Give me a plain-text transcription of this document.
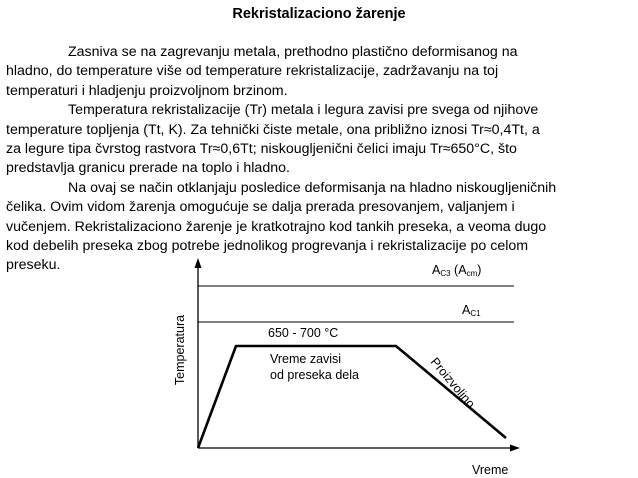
Rekristalizaciono žarenje
Zasniva se na zagrevanju metala, prethodno plastično deformisanog na
hladno, do temperature više od temperature rekristalizacije, zadržavanju na toj
temperaturi i hladjenju proizvoljnom brzinom.
Temperatura rekristalizacije (Tr) metala i legura zavisi pre svega od njihove
temperature topljenja (Tt, K). Za tehnički čiste metale, ona približno iznosi Tr≈0,4Tt, a
za legure tipa čvrstog rastvora Tr≈0,6Tt; niskougljenični čelici imaju Tr≈650°C, što
predstavlja granicu prerade na toplo i hladno.
Na ovaj se način otklanjaju posledice deformisanja na hladno niskougljeničnih
čelika. Ovim vidom žarenja omogućuje se dalja prerada presovanjem, valjanjem i
vučenjem. Rekristalizaciono žarenje je kratkotrajno kod tankih preseka, a veoma dugo
kod debelih preseka zbog potrebe jednolikog progrevanja i rekristalizacije po celom
preseku.
Temperatura
AC3 (Acm)
AC1
650 - 700 °C
Vreme zavisi
od preseka dela	Proizvoljno
Vreme
